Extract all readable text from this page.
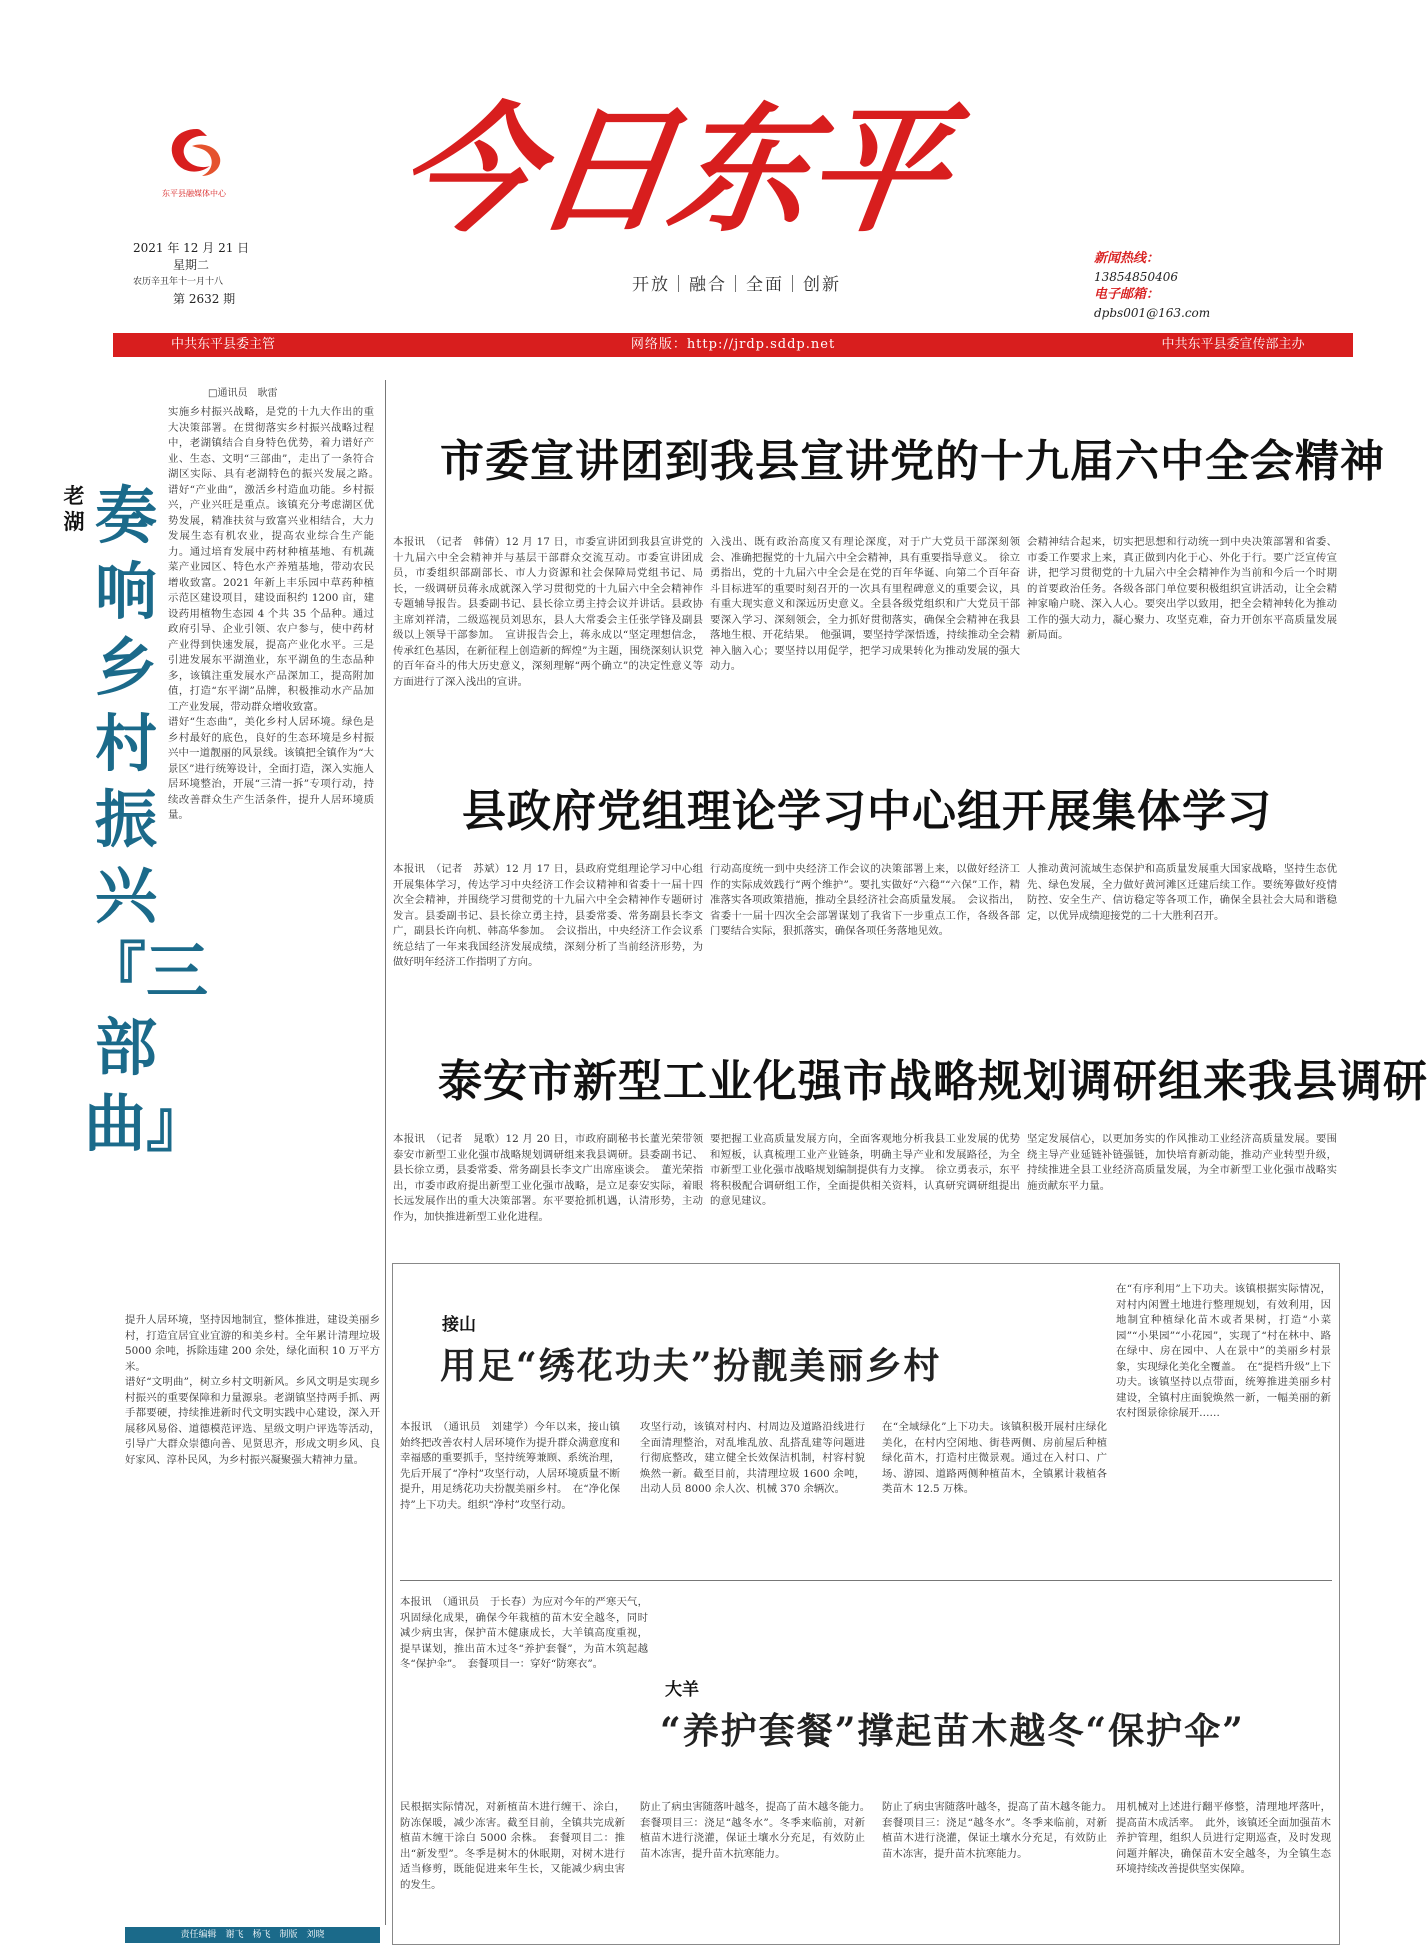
东平县融媒体中心 今日东平
开放｜融合｜全面｜创新
2021 年 12 月 21 日
星期二
农历辛丑年十一月十八
第 2632 期
新闻热线：
13854850406
电子邮箱：
dpbs001@163.com
中共东平县委主管	网络版：http://jrdp.sddp.net	中共东平县委宣传部主办
□通讯员　耿雷
老湖 奏响乡村振兴『三部曲』
实施乡村振兴战略，是党的十九大作出的重大决策部署。在贯彻落实乡村振兴战略过程中，老湖镇结合自身特色优势，着力谱好产业、生态、文明“三部曲”，走出了一条符合湖区实际、具有老湖特色的振兴发展之路。　谱好“产业曲”，激活乡村造血功能。乡村振兴，产业兴旺是重点。该镇充分考虑湖区优势发展，精准扶贫与致富兴业相结合，大力发展生态有机农业，提高农业综合生产能力。通过培育发展中药材种植基地、有机蔬菜产业园区、特色水产养殖基地，带动农民增收致富。2021 年新上丰乐园中草药种植示范区建设项目，建设面积约 1200 亩，建设药用植物生态园 4 个共 35 个品种。通过政府引导、企业引领、农户参与，使中药材产业得到快速发展，提高产业化水平。三是引进发展东平湖渔业，东平湖鱼的生态品种多，该镇注重发展水产品深加工，提高附加值，打造“东平湖”品牌，积极推动水产品加工产业发展，带动群众增收致富。
谱好“生态曲”，美化乡村人居环境。绿色是乡村最好的底色，良好的生态环境是乡村振兴中一道靓丽的风景线。该镇把全镇作为“大景区”进行统筹设计，全面打造，深入实施人居环境整治，开展“三清一拆”专项行动，持续改善群众生产生活条件，提升人居环境质量。
提升人居环境，坚持因地制宜，整体推进，建设美丽乡村，打造宜居宜业宜游的和美乡村。全年累计清理垃圾 5000 余吨，拆除违建 200 余处，绿化面积 10 万平方米。
谱好“文明曲”，树立乡村文明新风。乡风文明是实现乡村振兴的重要保障和力量源泉。老湖镇坚持两手抓、两手都要硬，持续推进新时代文明实践中心建设，深入开展移风易俗、道德模范评选、星级文明户评选等活动，引导广大群众崇德向善、见贤思齐，形成文明乡风、良好家风、淳朴民风，为乡村振兴凝聚强大精神力量。
市委宣讲团到我县宣讲党的十九届六中全会精神
本报讯　（记者　韩倩）12 月 17 日，市委宣讲团到我县宣讲党的十九届六中全会精神并与基层干部群众交流互动。市委宣讲团成员，市委组织部副部长、市人力资源和社会保障局党组书记、局长，一级调研员蒋永成就深入学习贯彻党的十九届六中全会精神作专题辅导报告。县委副书记、县长徐立勇主持会议并讲话。县政协主席刘祥清，二级巡视员刘思东，县人大常委会主任张学锋及副县级以上领导干部参加。　宣讲报告会上，蒋永成以“坚定理想信念，传承红色基因，在新征程上创造新的辉煌”为主题，围绕深刻认识党的百年奋斗的伟大历史意义，深刻理解“两个确立”的决定性意义等方面进行了深入浅出的宣讲。
入浅出、既有政治高度又有理论深度，对于广大党员干部深刻领会、准确把握党的十九届六中全会精神，具有重要指导意义。　徐立勇指出，党的十九届六中全会是在党的百年华诞、向第二个百年奋斗目标进军的重要时刻召开的一次具有里程碑意义的重要会议，具有重大现实意义和深远历史意义。全县各级党组织和广大党员干部要深入学习、深刻领会，全力抓好贯彻落实，确保全会精神在我县落地生根、开花结果。　他强调，要坚持学深悟透，持续推动全会精神入脑入心；要坚持以用促学，把学习成果转化为推动发展的强大动力。
会精神结合起来，切实把思想和行动统一到中央决策部署和省委、市委工作要求上来，真正做到内化于心、外化于行。要广泛宣传宣讲，把学习贯彻党的十九届六中全会精神作为当前和今后一个时期的首要政治任务。各级各部门单位要积极组织宣讲活动，让全会精神家喻户晓、深入人心。要突出学以致用，把全会精神转化为推动工作的强大动力，凝心聚力、攻坚克难，奋力开创东平高质量发展新局面。
县政府党组理论学习中心组开展集体学习
本报讯　（记者　苏斌）12 月 17 日，县政府党组理论学习中心组开展集体学习，传达学习中央经济工作会议精神和省委十一届十四次全会精神，并围绕学习贯彻党的十九届六中全会精神作专题研讨发言。县委副书记、县长徐立勇主持，县委常委、常务副县长李文广，副县长许向机、韩高华参加。　会议指出，中央经济工作会议系统总结了一年来我国经济发展成绩，深刻分析了当前经济形势，为做好明年经济工作指明了方向。
行动高度统一到中央经济工作会议的决策部署上来，以做好经济工作的实际成效践行“两个维护”。要扎实做好“六稳”“六保”工作，精准落实各项政策措施，推动全县经济社会高质量发展。　会议指出，省委十一届十四次全会部署谋划了我省下一步重点工作，各级各部门要结合实际，狠抓落实，确保各项任务落地见效。
人推动黄河流域生态保护和高质量发展重大国家战略，坚持生态优先、绿色发展，全力做好黄河滩区迁建后续工作。要统筹做好疫情防控、安全生产、信访稳定等各项工作，确保全县社会大局和谐稳定，以优异成绩迎接党的二十大胜利召开。
泰安市新型工业化强市战略规划调研组来我县调研
本报讯　（记者　晁歌）12 月 20 日，市政府副秘书长董光荣带领泰安市新型工业化强市战略规划调研组来我县调研。县委副书记、县长徐立勇，县委常委、常务副县长李文广出席座谈会。　董光荣指出，市委市政府提出新型工业化强市战略，是立足泰安实际，着眼长远发展作出的重大决策部署。东平要抢抓机遇，认清形势，主动作为，加快推进新型工业化进程。
要把握工业高质量发展方向，全面客观地分析我县工业发展的优势和短板，认真梳理工业产业链条，明确主导产业和发展路径，为全市新型工业化强市战略规划编制提供有力支撑。　徐立勇表示，东平将积极配合调研组工作，全面提供相关资料，认真研究调研组提出的意见建议。
坚定发展信心，以更加务实的作风推动工业经济高质量发展。要围绕主导产业延链补链强链，加快培育新动能，推动产业转型升级，持续推进全县工业经济高质量发展，为全市新型工业化强市战略实施贡献东平力量。
接山
用足“绣花功夫”扮靓美丽乡村
本报讯　（通讯员　刘建学）今年以来，接山镇始终把改善农村人居环境作为提升群众满意度和幸福感的重要抓手，坚持统筹兼顾、系统治理，先后开展了“净村”攻坚行动，人居环境质量不断提升，用足绣花功夫扮靓美丽乡村。　在“净化保持”上下功夫。组织“净村”攻坚行动。
攻坚行动，该镇对村内、村周边及道路沿线进行全面清理整治，对乱堆乱放、乱搭乱建等问题进行彻底整改，建立健全长效保洁机制，村容村貌焕然一新。截至目前，共清理垃圾 1600 余吨，出动人员 8000 余人次、机械 370 余辆次。
在“全域绿化”上下功夫。该镇积极开展村庄绿化美化，在村内空闲地、街巷两侧、房前屋后种植绿化苗木，打造村庄微景观。通过在入村口、广场、游园、道路两侧种植苗木，全镇累计栽植各类苗木 12.5 万株。
在“有序利用”上下功夫。该镇根据实际情况，对村内闲置土地进行整理规划，有效利用，因地制宜种植绿化苗木或者果树，打造“小菜园”“小果园”“小花园”，实现了“村在林中、路在绿中、房在园中、人在景中”的美丽乡村景象，实现绿化美化全覆盖。　在“提档升级”上下功夫。该镇坚持以点带面，统筹推进美丽乡村建设，全镇村庄面貌焕然一新，一幅美丽的新农村图景徐徐展开……
大羊
“养护套餐”撑起苗木越冬“保护伞”
本报讯　（通讯员　于长春）为应对今年的严寒天气，巩固绿化成果，确保今年栽植的苗木安全越冬，同时减少病虫害，保护苗木健康成长，大羊镇高度重视，提早谋划，推出苗木过冬“养护套餐”，为苗木筑起越冬“保护伞”。　套餐项目一：穿好“防寒衣”。
民根据实际情况，对新植苗木进行缠干、涂白，防冻保暖，减少冻害。截至目前，全镇共完成新植苗木缠干涂白 5000 余株。　套餐项目二：推出“新发型”。冬季是树木的休眠期，对树木进行适当修剪，既能促进来年生长，又能减少病虫害的发生。
防止了病虫害随落叶越冬，提高了苗木越冬能力。　套餐项目三：浇足“越冬水”。冬季来临前，对新植苗木进行浇灌，保证土壤水分充足，有效防止苗木冻害，提升苗木抗寒能力。
防止了病虫害随落叶越冬，提高了苗木越冬能力。　套餐项目三：浇足“越冬水”。冬季来临前，对新植苗木进行浇灌，保证土壤水分充足，有效防止苗木冻害，提升苗木抗寒能力。
用机械对上述进行翻平修整，清理地坪落叶，提高苗木成活率。　此外，该镇还全面加强苗木养护管理，组织人员进行定期巡查，及时发现问题并解决，确保苗木安全越冬，为全镇生态环境持续改善提供坚实保障。
责任编辑　谢飞　杨飞　制版　刘晓
